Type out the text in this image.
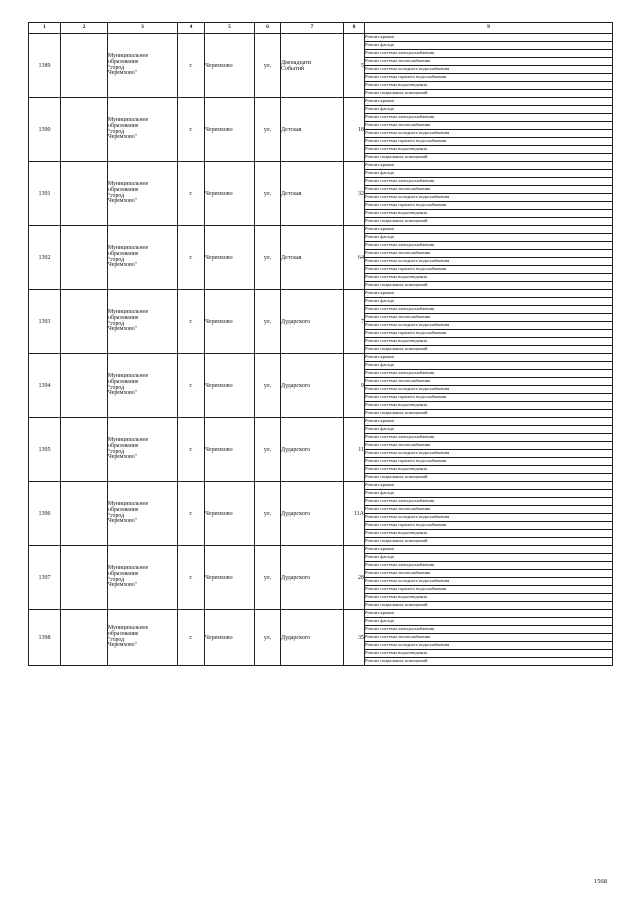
1	2	3	4	5	6	7	8	9
1389		Муниципальное
образование
"город
Черемхово"	г.	Черемхово	ул.	Двенадцати
Событий	5	Ремонт крыши
								Ремонт фасада
								Ремонт системы электроснабжения
								Ремонт системы теплоснабжения
								Ремонт системы холодного водоснабжения
								Ремонт системы горячего водоснабжения
								Ремонт системы водоотведения
								Ремонт подвальных помещений
1390		Муниципальное
образование
"город
Черемхово"	г.	Черемхово	ул.	Детская	18	Ремонт крыши
								Ремонт фасада
								Ремонт системы электроснабжения
								Ремонт системы теплоснабжения
								Ремонт системы холодного водоснабжения
								Ремонт системы горячего водоснабжения
								Ремонт системы водоотведения
								Ремонт подвальных помещений
1391		Муниципальное
образование
"город
Черемхово"	г.	Черемхово	ул.	Детская	32	Ремонт крыши
								Ремонт фасада
								Ремонт системы электроснабжения
								Ремонт системы теплоснабжения
								Ремонт системы холодного водоснабжения
								Ремонт системы горячего водоснабжения
								Ремонт системы водоотведения
								Ремонт подвальных помещений
1392		Муниципальное
образование
"город
Черемхово"	г.	Черемхово	ул.	Детская	64	Ремонт крыши
								Ремонт фасада
								Ремонт системы электроснабжения
								Ремонт системы теплоснабжения
								Ремонт системы холодного водоснабжения
								Ремонт системы горячего водоснабжения
								Ремонт системы водоотведения
								Ремонт подвальных помещений
1393		Муниципальное
образование
"город
Черемхово"	г.	Черемхово	ул.	Дударского	7	Ремонт крыши
								Ремонт фасада
								Ремонт системы электроснабжения
								Ремонт системы теплоснабжения
								Ремонт системы холодного водоснабжения
								Ремонт системы горячего водоснабжения
								Ремонт системы водоотведения
								Ремонт подвальных помещений
1394		Муниципальное
образование
"город
Черемхово"	г.	Черемхово	ул.	Дударского	9	Ремонт крыши
								Ремонт фасада
								Ремонт системы электроснабжения
								Ремонт системы теплоснабжения
								Ремонт системы холодного водоснабжения
								Ремонт системы горячего водоснабжения
								Ремонт системы водоотведения
								Ремонт подвальных помещений
1395		Муниципальное
образование
"город
Черемхово"	г.	Черемхово	ул.	Дударского	11	Ремонт крыши
								Ремонт фасада
								Ремонт системы электроснабжения
								Ремонт системы теплоснабжения
								Ремонт системы холодного водоснабжения
								Ремонт системы горячего водоснабжения
								Ремонт системы водоотведения
								Ремонт подвальных помещений
1396		Муниципальное
образование
"город
Черемхово"	г.	Черемхово	ул.	Дударского	11А	Ремонт крыши
								Ремонт фасада
								Ремонт системы электроснабжения
								Ремонт системы теплоснабжения
								Ремонт системы холодного водоснабжения
								Ремонт системы горячего водоснабжения
								Ремонт системы водоотведения
								Ремонт подвальных помещений
1397		Муниципальное
образование
"город
Черемхово"	г.	Черемхово	ул.	Дударского	28	Ремонт крыши
								Ремонт фасада
								Ремонт системы электроснабжения
								Ремонт системы теплоснабжения
								Ремонт системы холодного водоснабжения
								Ремонт системы горячего водоснабжения
								Ремонт системы водоотведения
								Ремонт подвальных помещений
1398		Муниципальное
образование
"город
Черемхово"	г.	Черемхово	ул.	Дударского	35	Ремонт крыши
								Ремонт фасада
								Ремонт системы электроснабжения
								Ремонт системы теплоснабжения
								Ремонт системы холодного водоснабжения
								Ремонт системы водоотведения
								Ремонт подвальных помещений
1568
